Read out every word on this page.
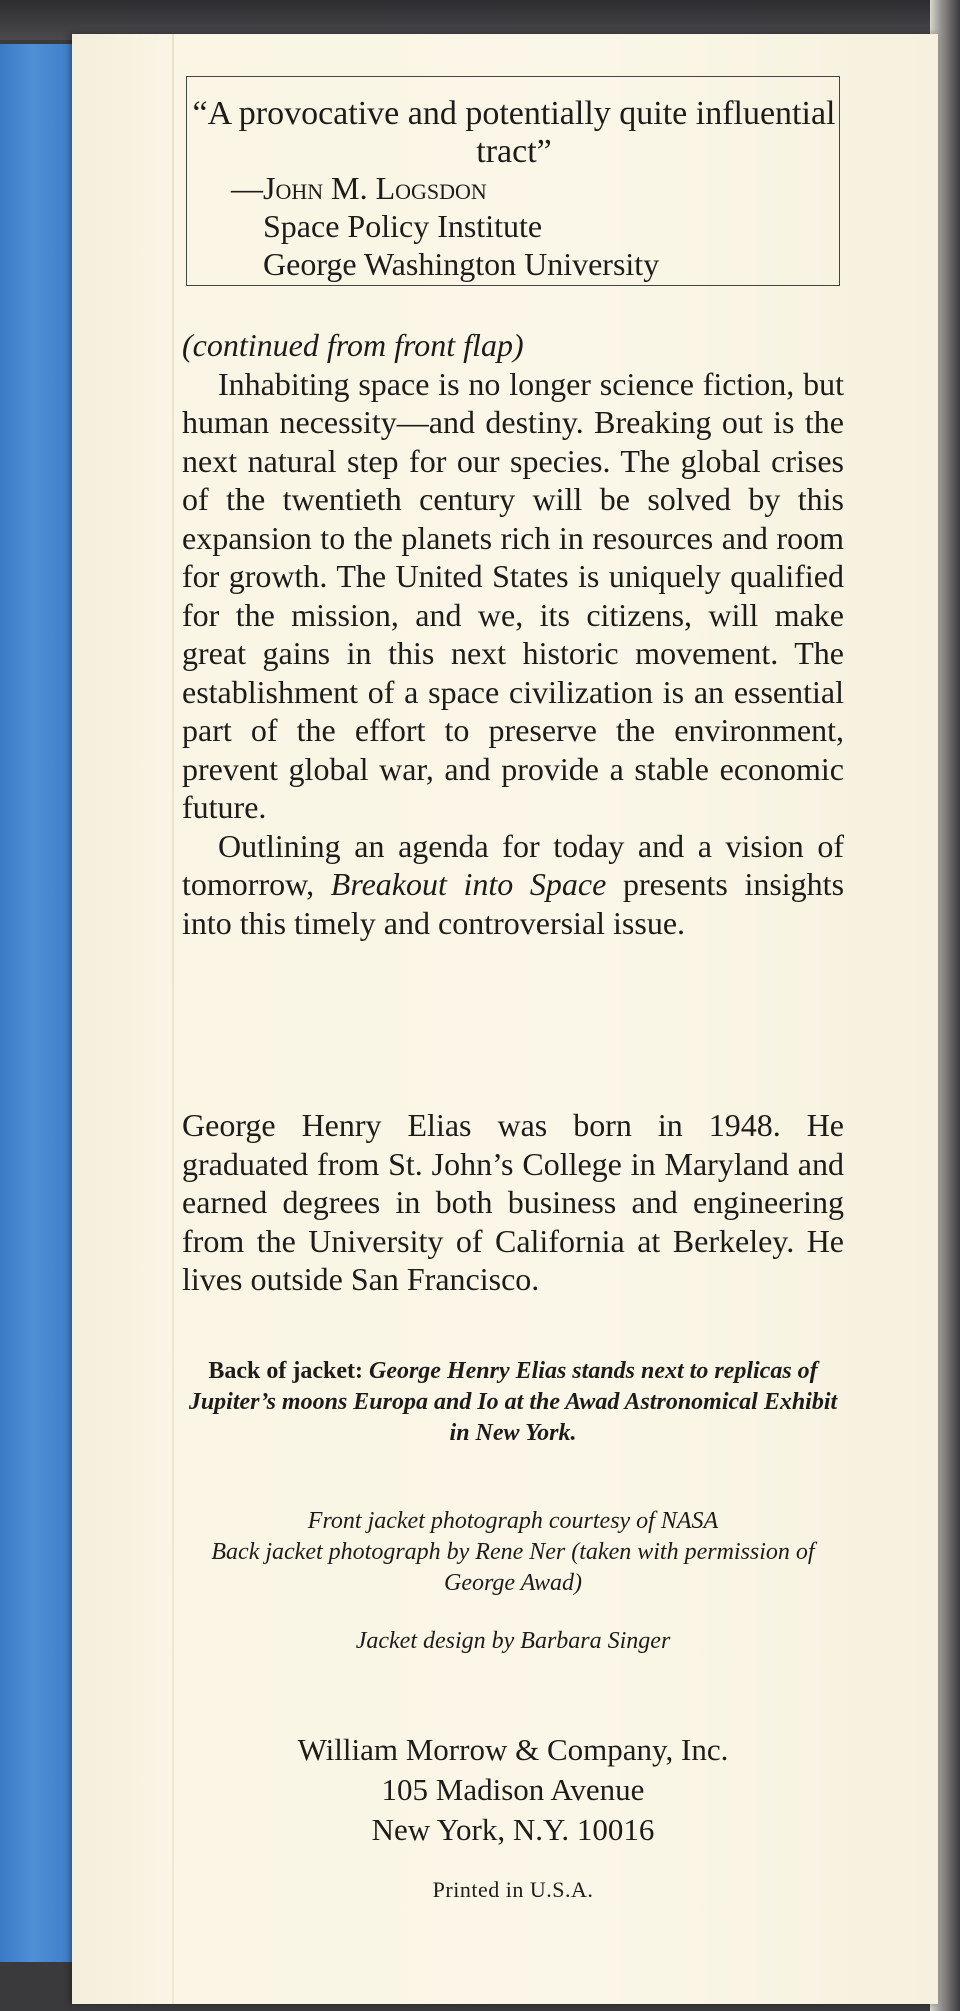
“A provocative and potentially quite influential tract”
—John M. Logsdon
Space Policy Institute
George Washington University

(continued from front flap)

Inhabiting space is no longer science fiction, but human necessity—and destiny. Breaking out is the next natural step for our species. The global crises of the twentieth century will be solved by this expansion to the planets rich in resources and room for growth. The United States is uniquely qualified for the mission, and we, its citizens, will make great gains in this next historic movement. The establishment of a space civilization is an essential part of the effort to preserve the environment, prevent global war, and provide a stable economic future.

Outlining an agenda for today and a vision of tomorrow, Breakout into Space presents insights into this timely and controversial issue.

George Henry Elias was born in 1948. He graduated from St. John’s College in Maryland and earned degrees in both business and engineering from the University of California at Berkeley. He lives outside San Francisco.

Back of jacket: George Henry Elias stands next to replicas of Jupiter’s moons Europa and Io at the Awad Astronomical Exhibit in New York.
Front jacket photograph courtesy of NASA
Back jacket photograph by Rene Ner (taken with permission of George Awad)
Jacket design by Barbara Singer
William Morrow & Company, Inc.
105 Madison Avenue
New York, N.Y. 10016
Printed in U.S.A.
